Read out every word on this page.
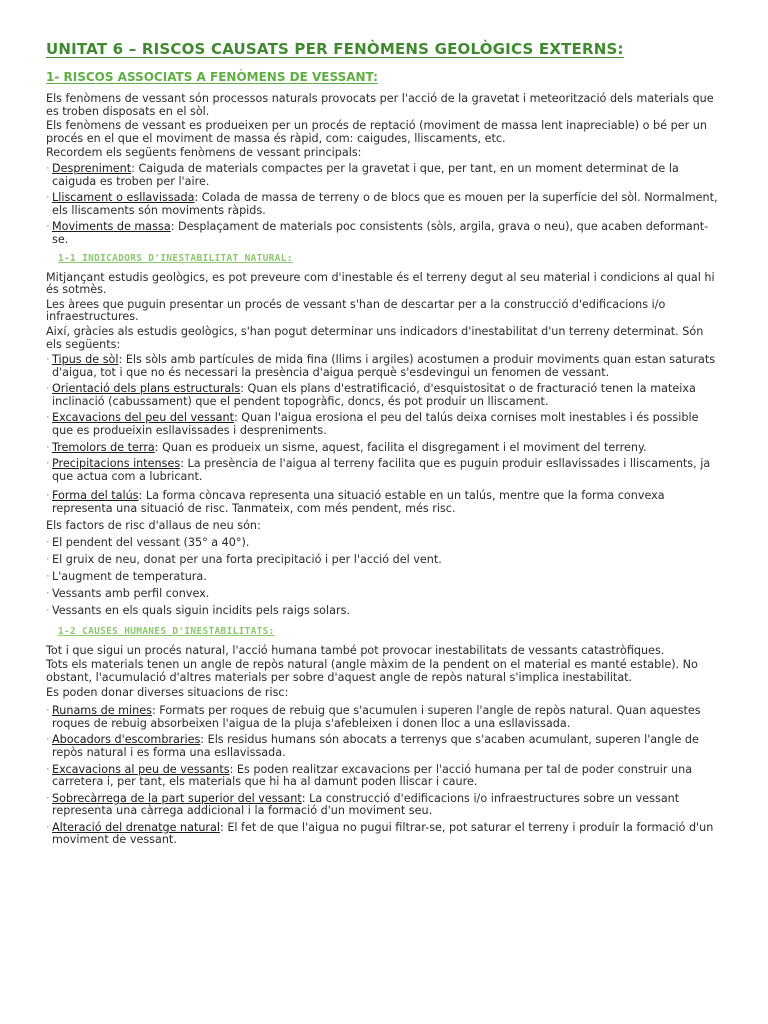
UNITAT 6 – RISCOS CAUSATS PER FENÒMENS GEOLÒGICS EXTERNS:
1- RISCOS ASSOCIATS A FENÒMENS DE VESSANT:

Els fenòmens de vessant són processos naturals provocats per l'acció de la gravetat i meteorització dels materials que es troben disposats en el sòl.

Els fenòmens de vessant es produeixen per un procés de reptació (moviment de massa lent inapreciable) o bé per un procés en el que el moviment de massa és ràpid, com: caigudes, lliscaments, etc.

Recordem els següents fenòmens de vessant principals:

· Despreniment: Caiguda de materials compactes per la gravetat i que, per tant, en un moment determinat de la caiguda es troben per l'aire.
· Lliscament o esllavissada: Colada de massa de terreny o de blocs que es mouen per la superfície del sòl. Normalment, els lliscaments són moviments ràpids.
· Moviments de massa: Desplaçament de materials poc consistents (sòls, argila, grava o neu), que acaben deformant-se.
1-1 INDICADORS D'INESTABILITAT NATURAL:

Mitjançant estudis geològics, es pot preveure com d'inestable és el terreny degut al seu material i condicions al qual hi és sotmès.

Les àrees que puguin presentar un procés de vessant s'han de descartar per a la construcció d'edificacions i/o infraestructures.

Així, gràcies als estudis geològics, s'han pogut determinar uns indicadors d'inestabilitat d'un terreny determinat. Són els següents:

· Tipus de sòl: Els sòls amb partícules de mida fina (llims i argiles) acostumen a produir moviments quan estan saturats d'aigua, tot i que no és necessari la presència d'aigua perquè s'esdevingui un fenomen de vessant.
· Orientació dels plans estructurals: Quan els plans d'estratificació, d'esquistositat o de fracturació tenen la mateixa inclinació (cabussament) que el pendent topogràfic, doncs, és pot produir un lliscament.
· Excavacions del peu del vessant: Quan l'aigua erosiona el peu del talús deixa cornises molt inestables i és possible que es produeixin esllavissades i despreniments.
· Tremolors de terra: Quan es produeix un sisme, aquest, facilita el disgregament i el moviment del terreny.
· Precipitacions intenses: La presència de l'aigua al terreny facilita que es puguin produir esllavissades i lliscaments, ja que actua com a lubricant.
· Forma del talús: La forma còncava representa una situació estable en un talús, mentre que la forma convexa representa una situació de risc. Tanmateix, com més pendent, més risc.

Els factors de risc d'allaus de neu són:

· El pendent del vessant (35° a 40°).
· El gruix de neu, donat per una forta precipitació i per l'acció del vent.
· L'augment de temperatura.
· Vessants amb perfil convex.
· Vessants en els quals siguin incidits pels raigs solars.
1-2 CAUSES HUMANES D'INESTABILITATS:

Tot i que sigui un procés natural, l'acció humana també pot provocar inestabilitats de vessants catastròfiques.

Tots els materials tenen un angle de repòs natural (angle màxim de la pendent on el material es manté estable). No obstant, l'acumulació d'altres materials per sobre d'aquest angle de repòs natural s'implica inestabilitat.

Es poden donar diverses situacions de risc:

· Runams de mines: Formats per roques de rebuig que s'acumulen i superen l'angle de repòs natural. Quan aquestes roques de rebuig absorbeixen l'aigua de la pluja s'afebleixen i donen lloc a una esllavissada.
· Abocadors d'escombraries: Els residus humans són abocats a terrenys que s'acaben acumulant, superen l'angle de repòs natural i es forma una esllavissada.
· Excavacions al peu de vessants: Es poden realitzar excavacions per l'acció humana per tal de poder construir una carretera i, per tant, els materials que hi ha al damunt poden lliscar i caure.
· Sobrecàrrega de la part superior del vessant: La construcció d'edificacions i/o infraestructures sobre un vessant representa una càrrega addicional i la formació d'un moviment seu.
· Alteració del drenatge natural: El fet de que l'aigua no pugui filtrar-se, pot saturar el terreny i produir la formació d'un moviment de vessant.
